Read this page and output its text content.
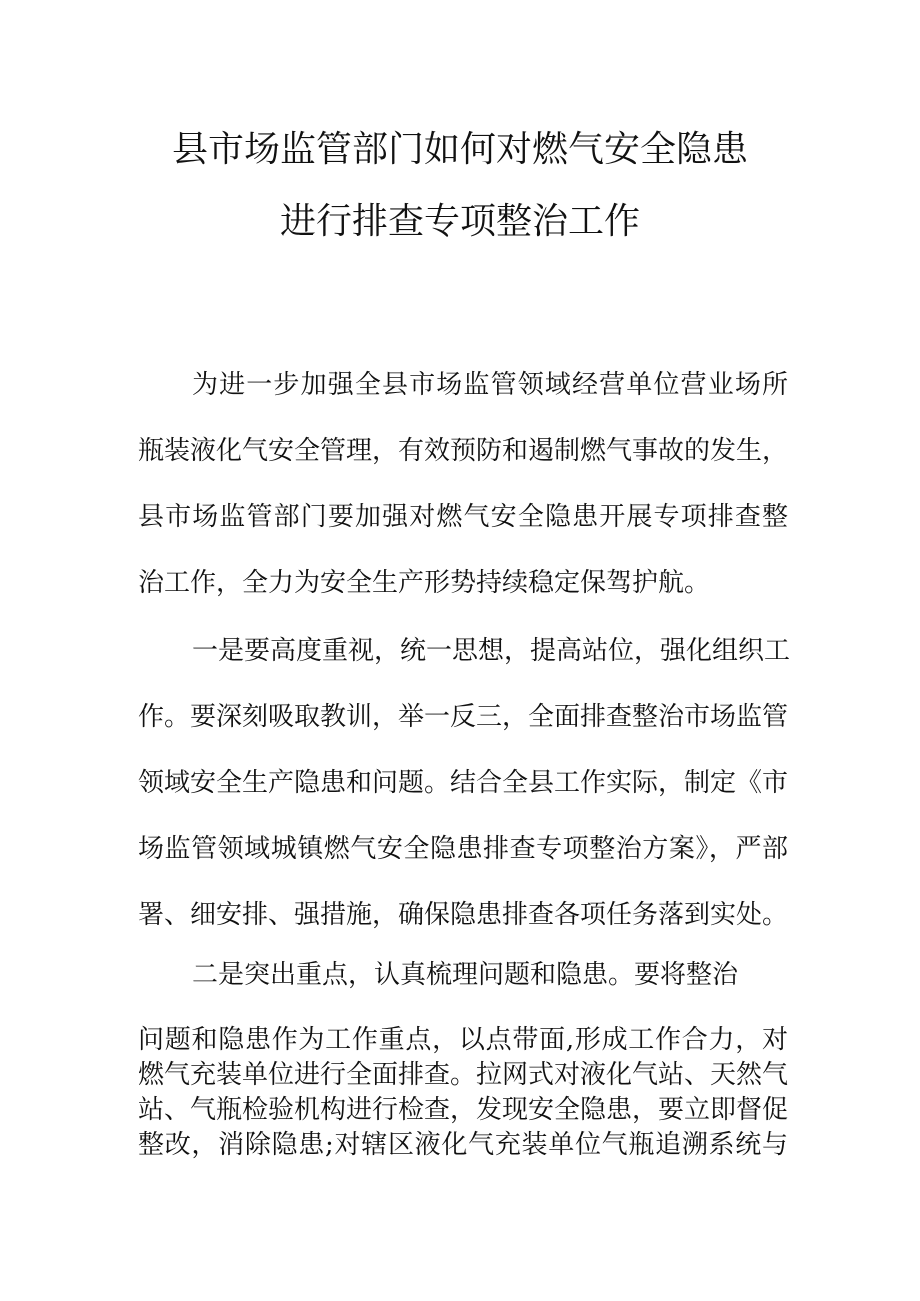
县市场监管部门如何对燃气安全隐患
进行排查专项整治工作
为进一步加强全县市场监管领域经营单位营业场所
瓶装液化气安全管理，有效预防和遏制燃气事故的发生，
县市场监管部门要加强对燃气安全隐患开展专项排查整
治工作，全力为安全生产形势持续稳定保驾护航。
一是要高度重视，统一思想，提高站位，强化组织工
作。要深刻吸取教训，举一反三，全面排查整治市场监管
领域安全生产隐患和问题。结合全县工作实际，制定《市
场监管领域城镇燃气安全隐患排查专项整治方案》，严部
署、细安排、强措施，确保隐患排查各项任务落到实处。
二是突出重点，认真梳理问题和隐患。要将整治
问题和隐患作为工作重点，以点带面,形成工作合力，对
燃气充装单位进行全面排查。拉网式对液化气站、天然气
站、气瓶检验机构进行检查，发现安全隐患，要立即督促
整改，消除隐患;对辖区液化气充装单位气瓶追溯系统与
